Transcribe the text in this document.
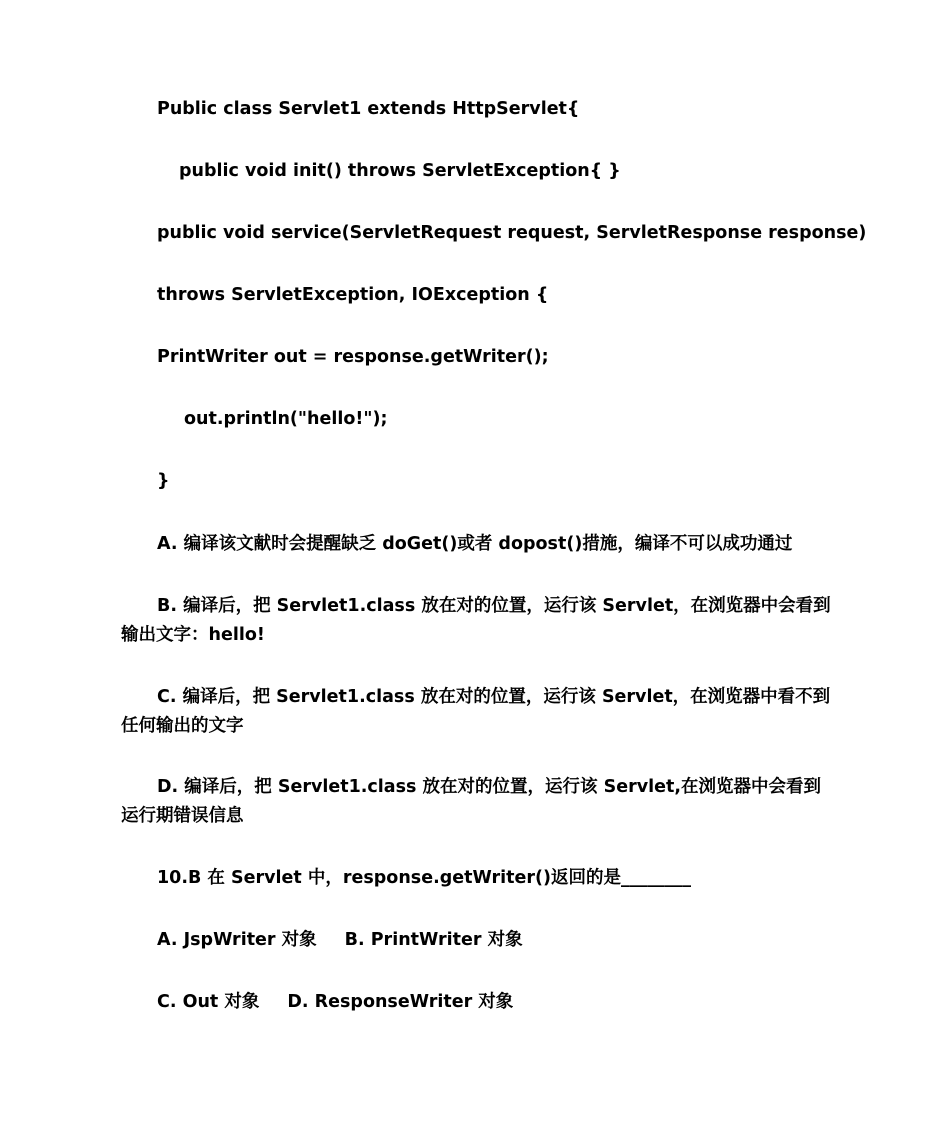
Public class Servlet1 extends HttpServlet{
public void init() throws ServletException{ }
public void service(ServletRequest request, ServletResponse response)
throws ServletException, IOException {
PrintWriter out = response.getWriter();
out.println("hello!");
}
A. 编译该文献时会提醒缺乏 doGet()或者 dopost()措施，编译不可以成功通过
B. 编译后，把 Servlet1.class 放在对的位置，运行该 Servlet，在浏览器中会看到输出文字：hello!
C. 编译后，把 Servlet1.class 放在对的位置，运行该 Servlet，在浏览器中看不到任何输出的文字
D. 编译后，把 Servlet1.class 放在对的位置，运行该 Servlet,在浏览器中会看到运行期错误信息
10.B 在 Servlet 中，response.getWriter()返回的是________
A. JspWriter 对象 B. PrintWriter 对象
C. Out 对象 D. ResponseWriter 对象
